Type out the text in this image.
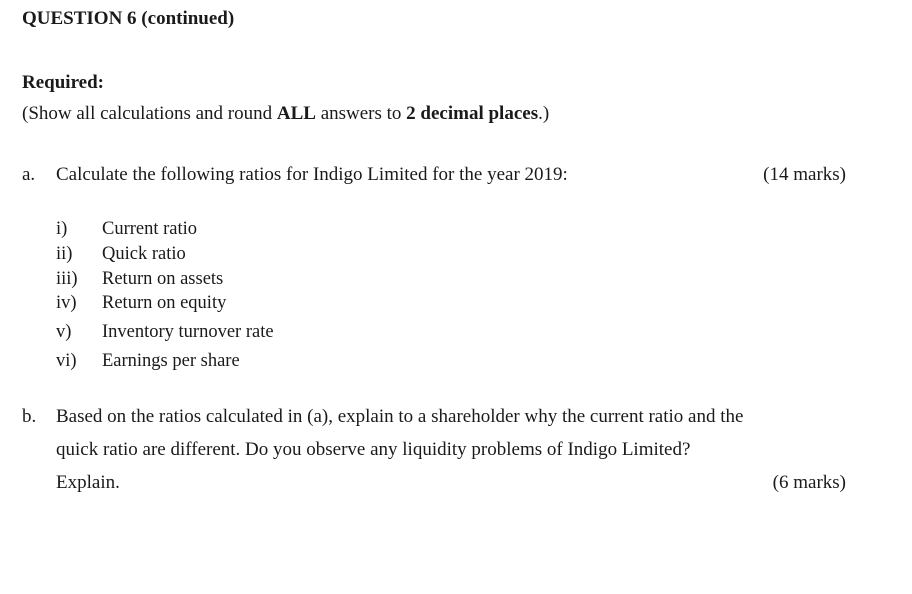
QUESTION 6 (continued)
Required:
(Show all calculations and round ALL answers to 2 decimal places.)
a. Calculate the following ratios for Indigo Limited for the year 2019:	(14 marks)
i) Current ratio
ii) Quick ratio
iii) Return on assets
iv) Return on equity
v) Inventory turnover rate
vi) Earnings per share
b. Based on the ratios calculated in (a), explain to a shareholder why the current ratio and the
quick ratio are different. Do you observe any liquidity problems of Indigo Limited?
Explain.	(6 marks)
